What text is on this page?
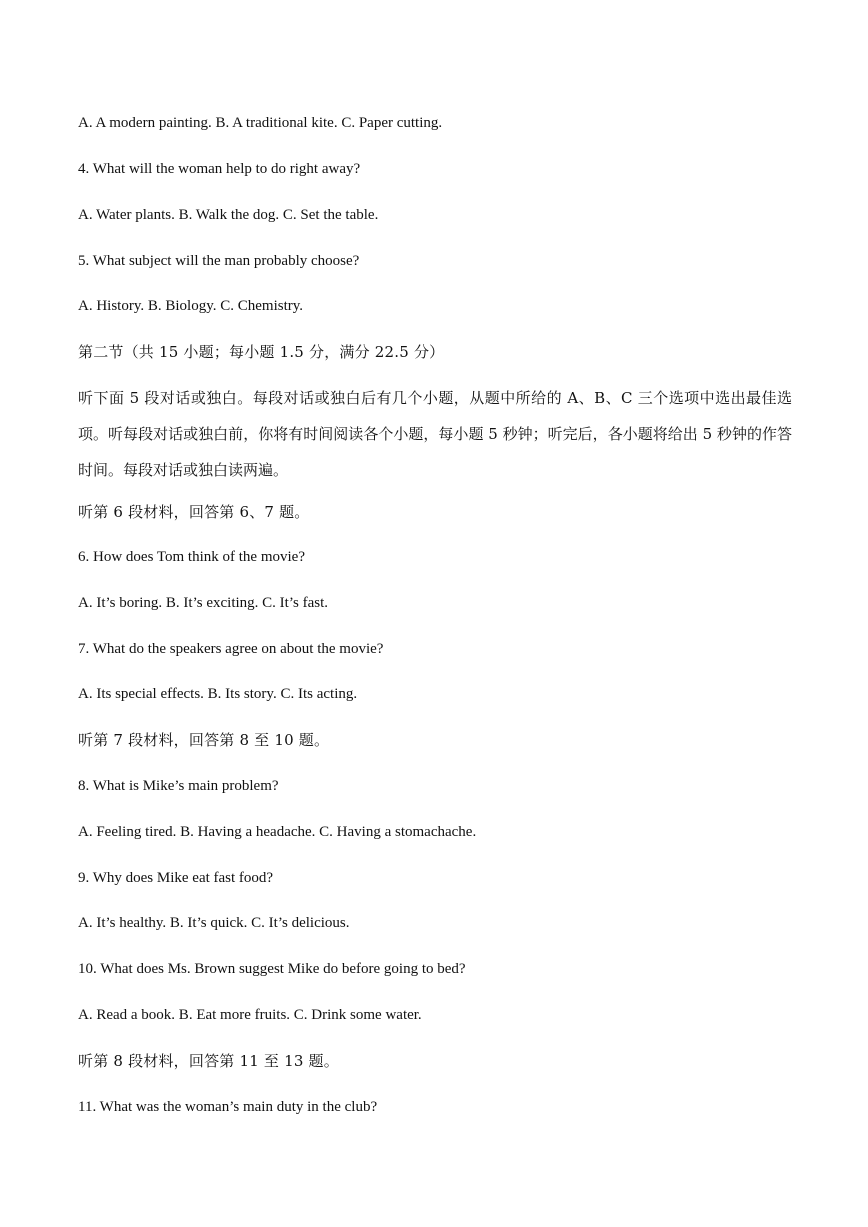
A. A modern painting. B. A traditional kite. C. Paper cutting.

4. What will the woman help to do right away?

A. Water plants. B. Walk the dog. C. Set the table.

5. What subject will the man probably choose?

A. History. B. Biology. C. Chemistry.

第二节（共 15 小题；每小题 1.5 分，满分 22.5 分）

听下面 5 段对话或独白。每段对话或独白后有几个小题，从题中所给的 A、B、C 三个选项中选出最佳选项。听每段对话或独白前，你将有时间阅读各个小题，每小题 5 秒钟；听完后，各小题将给出 5 秒钟的作答时间。每段对话或独白读两遍。

听第 6 段材料，回答第 6、7 题。

6. How does Tom think of the movie?

A. It’s boring. B. It’s exciting. C. It’s fast.

7. What do the speakers agree on about the movie?

A. Its special effects. B. Its story. C. Its acting.

听第 7 段材料，回答第 8 至 10 题。

8. What is Mike’s main problem?

A. Feeling tired. B. Having a headache. C. Having a stomachache.

9. Why does Mike eat fast food?

A. It’s healthy. B. It’s quick. C. It’s delicious.

10. What does Ms. Brown suggest Mike do before going to bed?

A. Read a book. B. Eat more fruits. C. Drink some water.

听第 8 段材料，回答第 11 至 13 题。

11. What was the woman’s main duty in the club?
